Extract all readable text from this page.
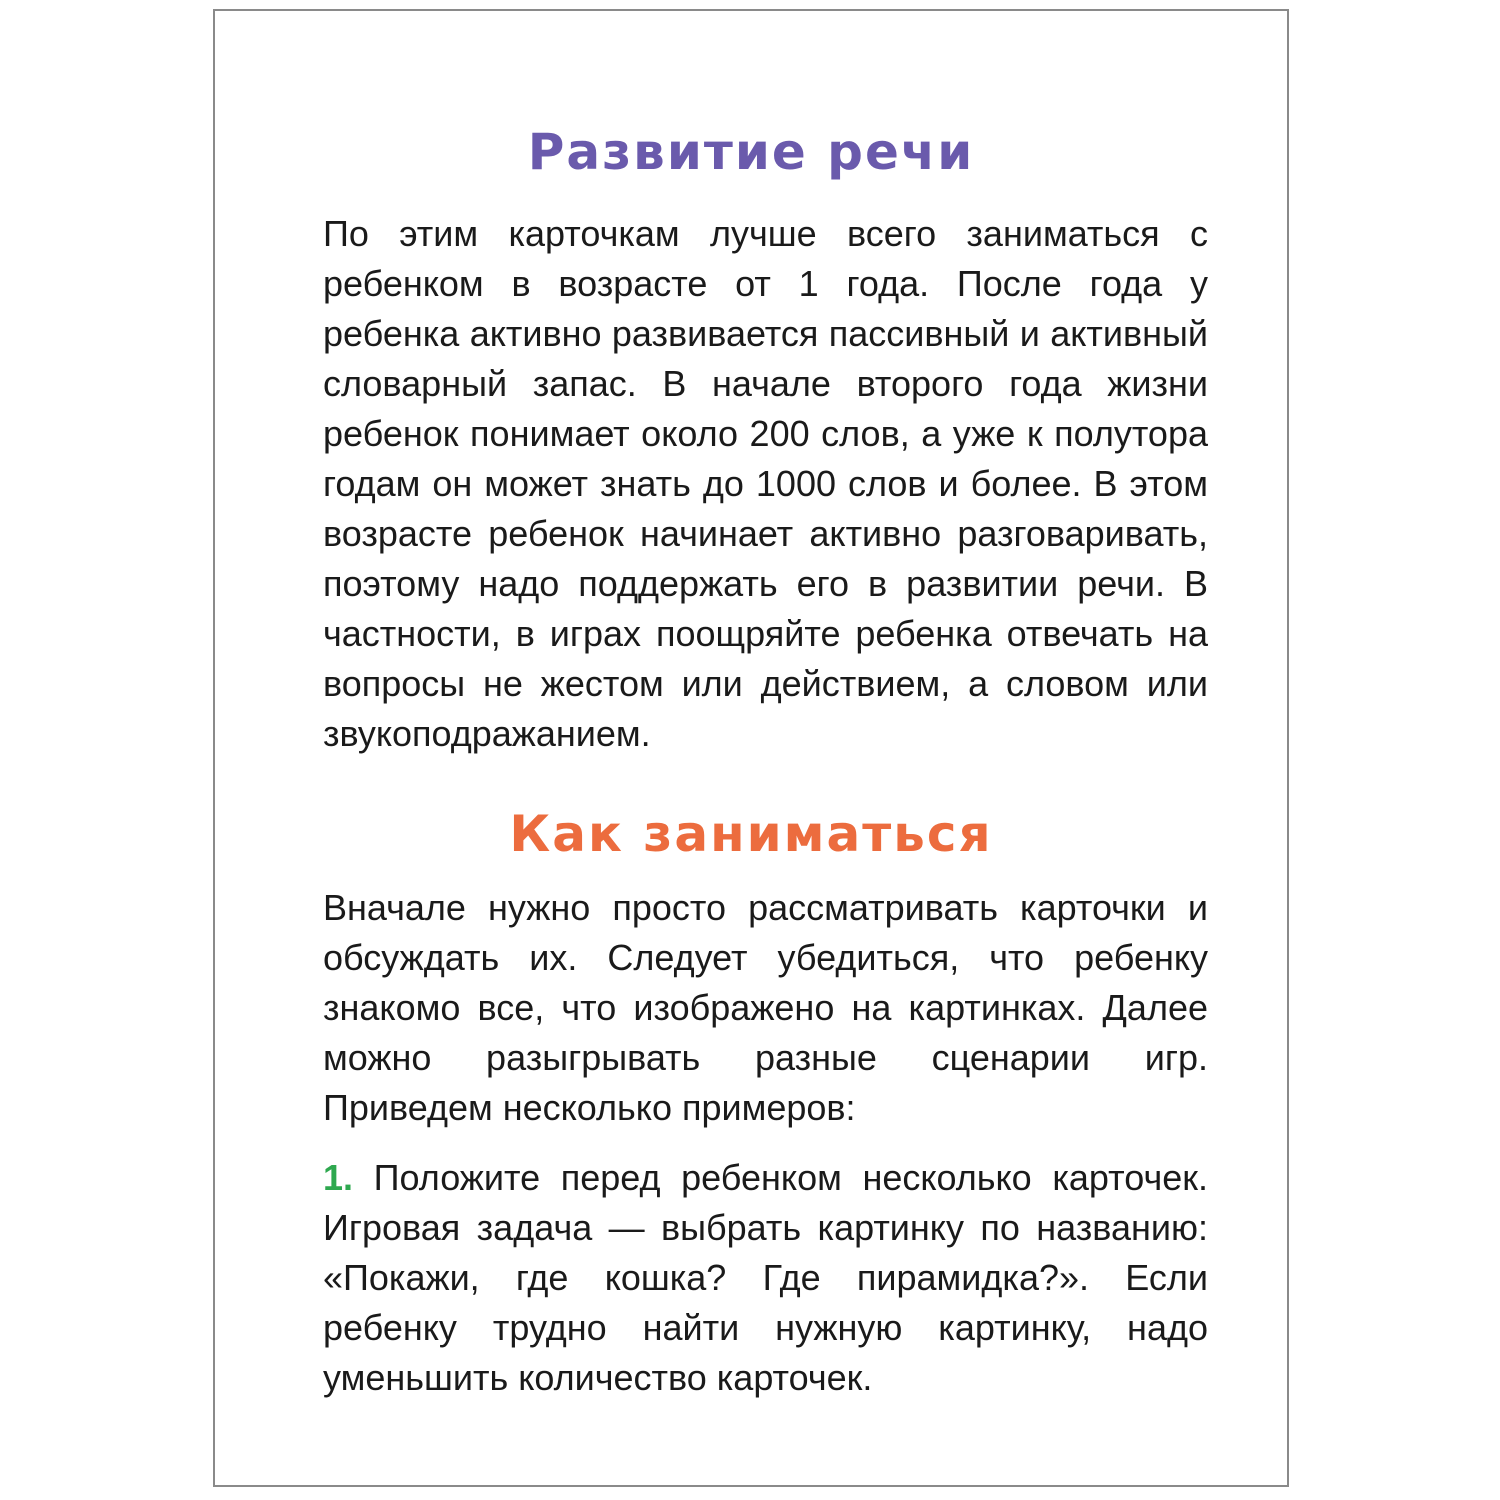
Развитие речи

По этим карточкам лучше всего заниматься с ребенком в возрасте от 1 года. После года у ребенка активно развивается пассивный и активный словарный запас. В начале второго года жизни ребенок понимает около 200 слов, а уже к полутора годам он может знать до 1000 слов и более. В этом возрасте ребенок начинает активно разговаривать, поэтому надо поддержать его в развитии речи. В частности, в играх поощряйте ребенка отвечать на вопросы не жестом или действием, а словом или звукоподражанием.

Как заниматься

Вначале нужно просто рассматривать карточки и обсуждать их. Следует убедиться, что ребенку знакомо все, что изображено на картинках. Далее можно разыгрывать разные сценарии игр. Приведем несколько примеров:

1. Положите перед ребенком несколько карточек. Игровая задача — выбрать картинку по названию: «Покажи, где кошка? Где пирамидка?». Если ребенку трудно найти нужную картинку, надо уменьшить количество карточек.
